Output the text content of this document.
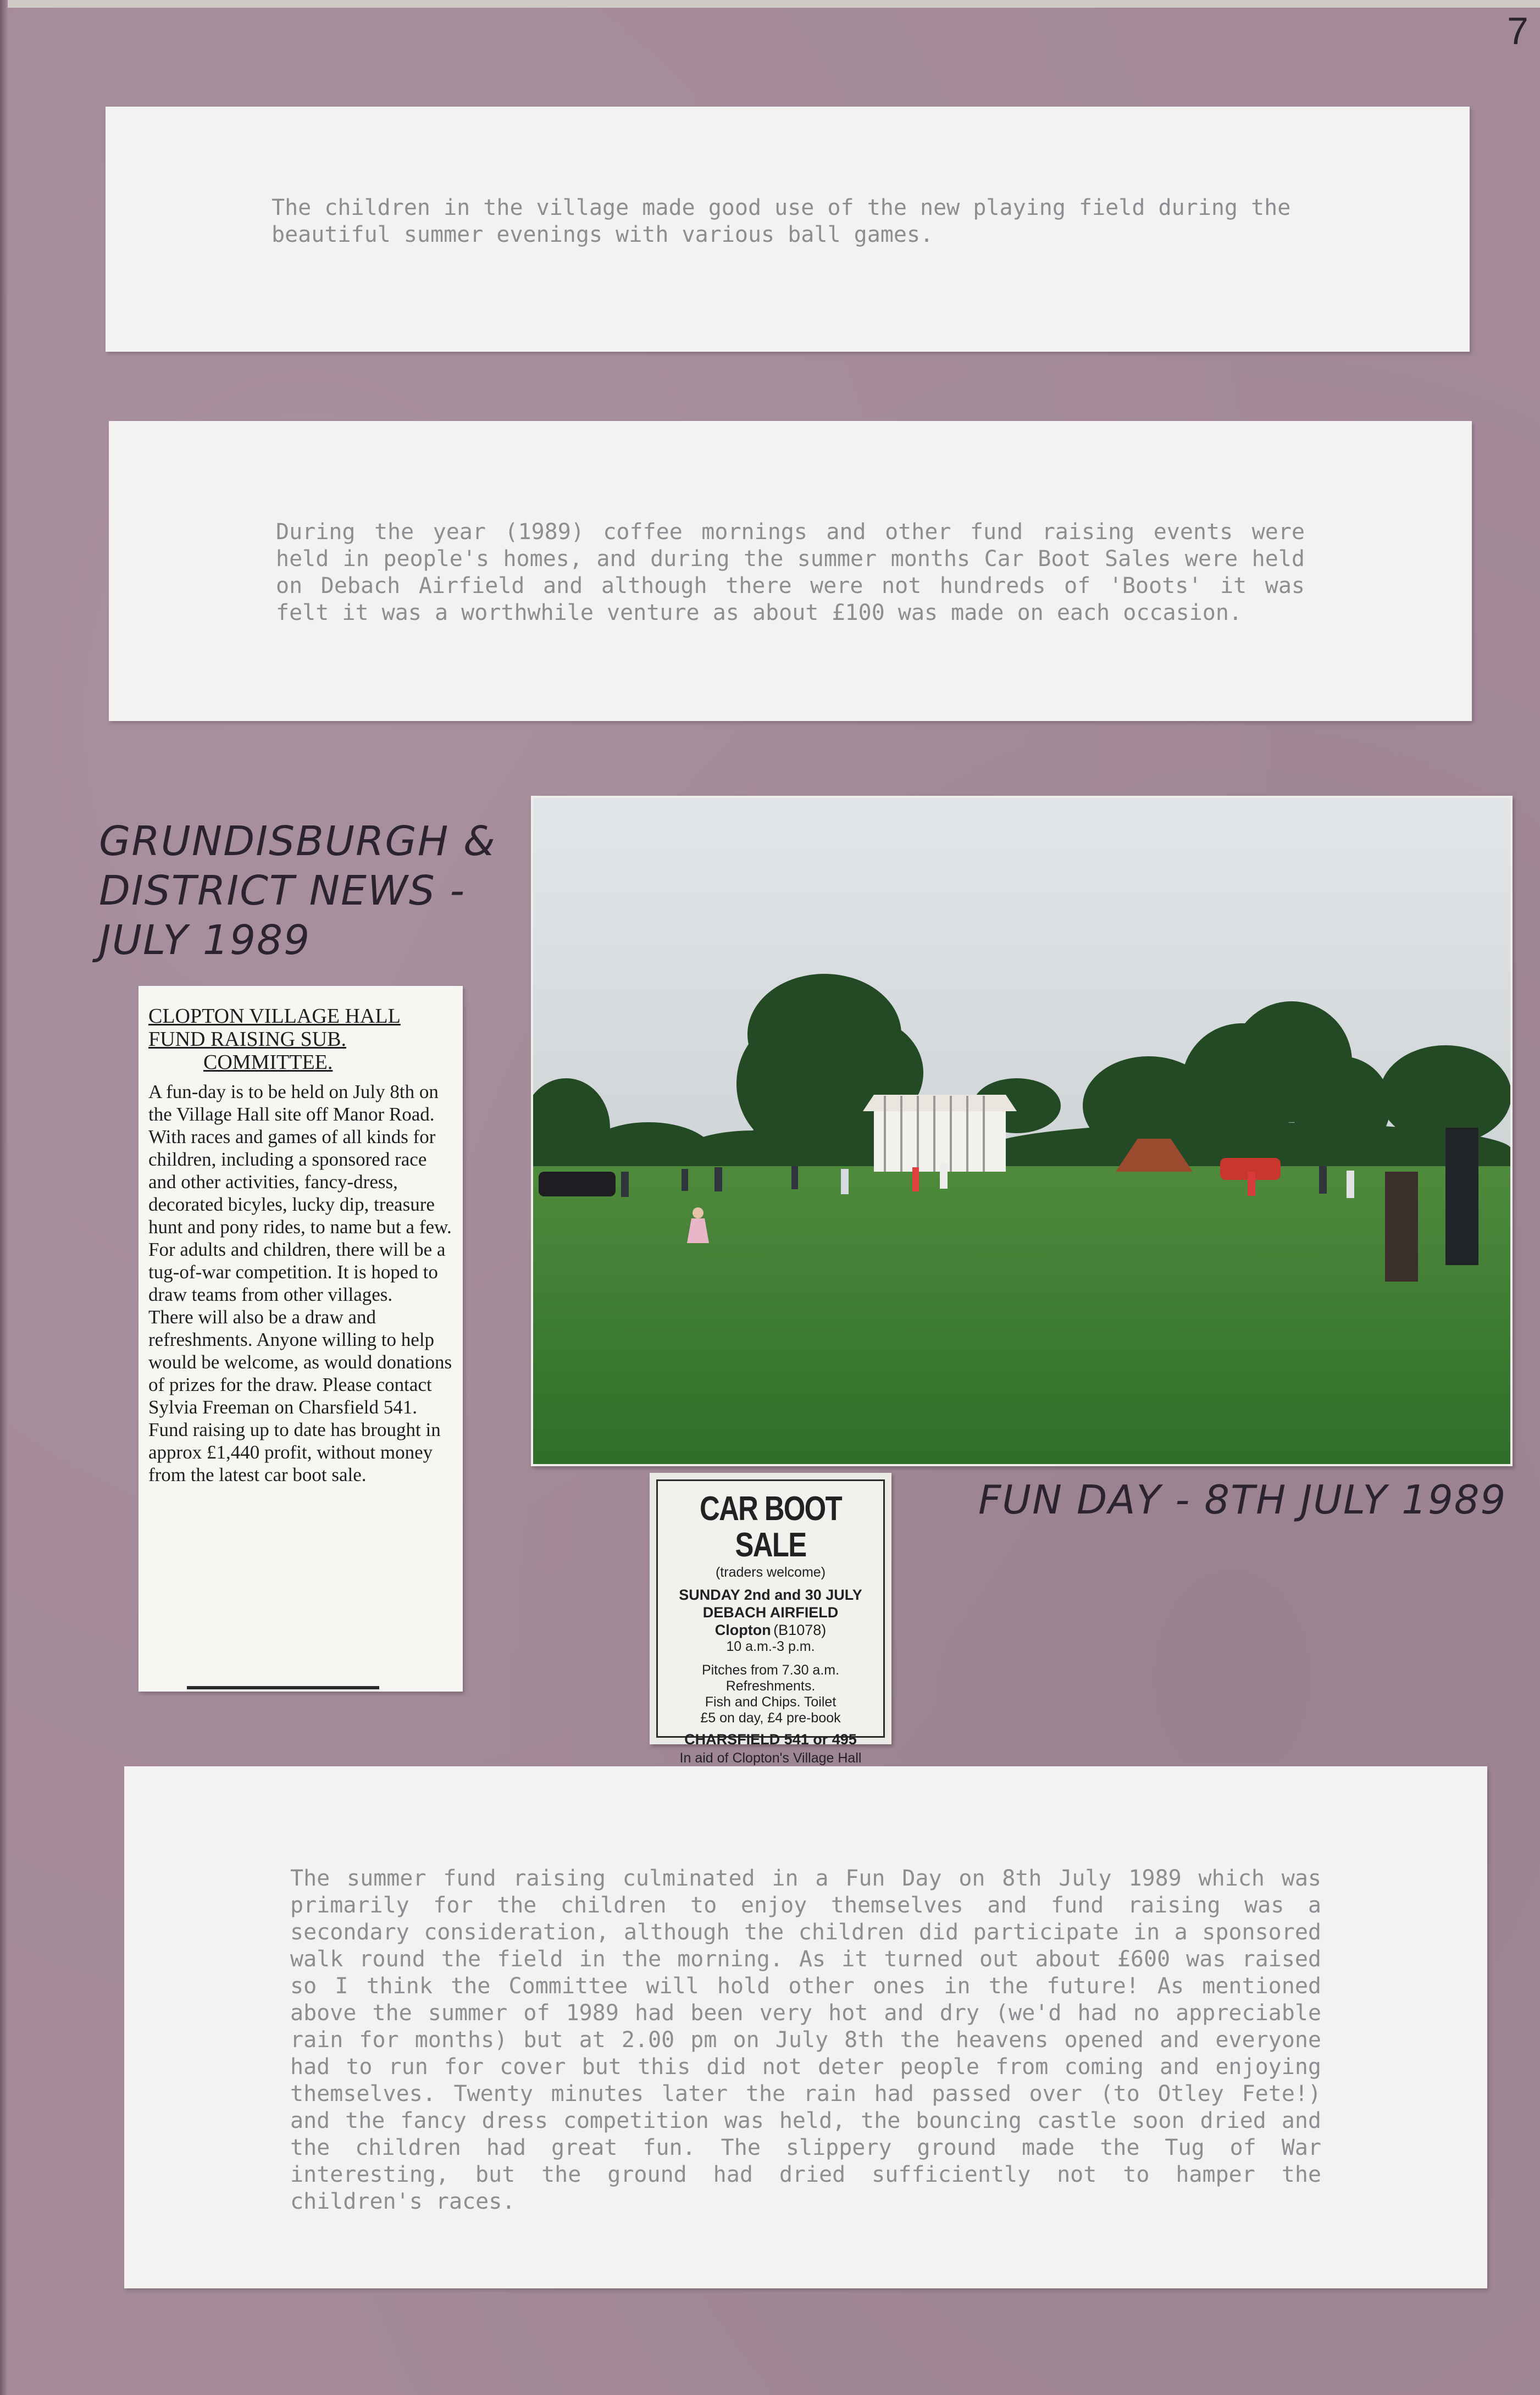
7

The children in the village made good use of the new playing field during the beautiful summer evenings with various ball games.

During the year (1989) coffee mornings and other fund raising events were held in people's homes, and during the summer months Car Boot Sales were held on Debach Airfield and although there were not hundreds of 'Boots' it was felt it was a worthwhile venture as about £100 was made on each occasion.

GRUNDISBURGH &
DISTRICT NEWS -
JULY 1989

CLOPTON VILLAGE HALL

FUND RAISING SUB.

COMMITTEE.

A fun-day is to be held on July 8th on the Village Hall site off Manor Road. With races and games of all kinds for children, including a sponsored race and other activities, fancy-dress, decorated bicyles, lucky dip, treasure hunt and pony rides, to name but a few. For adults and children, there will be a tug-of-war competition. It is hoped to draw teams from other villages.

There will also be a draw and refreshments. Anyone willing to help would be welcome, as would donations of prizes for the draw. Please contact Sylvia Freeman on Charsfield 541. Fund raising up to date has brought in approx £1,440 profit, without money from the latest car boot sale.

FUN DAY - 8TH JULY 1989
CAR BOOT SALE
(traders welcome)
SUNDAY 2nd and 30 JULY
DEBACH AIRFIELD
Clopton (B1078)
10 a.m.-3 p.m.
Pitches from 7.30 a.m.
Refreshments.
Fish and Chips. Toilet
£5 on day, £4 pre-book
CHARSFIELD 541 or 495
In aid of Clopton's Village Hall

The summer fund raising culminated in a Fun Day on 8th July 1989 which was primarily for the children to enjoy themselves and fund raising was a secondary consideration, although the children did participate in a sponsored walk round the field in the morning. As it turned out about £600 was raised so I think the Committee will hold other ones in the future! As mentioned above the summer of 1989 had been very hot and dry (we'd had no appreciable rain for months) but at 2.00 pm on July 8th the heavens opened and everyone had to run for cover but this did not deter people from coming and enjoying themselves. Twenty minutes later the rain had passed over (to Otley Fete!) and the fancy dress competition was held, the bouncing castle soon dried and the children had great fun. The slippery ground made the Tug of War interesting, but the ground had dried sufficiently not to hamper the children's races.
